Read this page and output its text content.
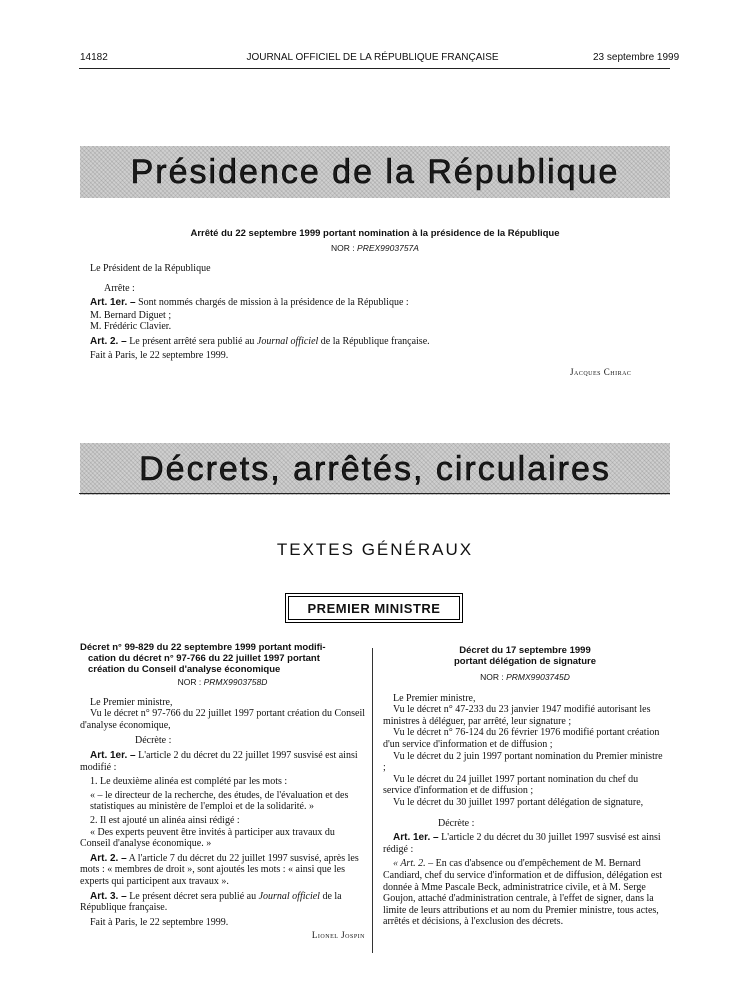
14182	JOURNAL OFFICIEL DE LA RÉPUBLIQUE FRANÇAISE	23 septembre 1999
Présidence de la République
Arrêté du 22 septembre 1999 portant nomination à la présidence de la République
NOR : PREX9903757A
Le Président de la République
Arrête :
Art. 1er. – Sont nommés chargés de mission à la présidence de la République :
M. Bernard Diguet ;
M. Frédéric Clavier.
Art. 2. – Le présent arrêté sera publié au Journal officiel de la République française.
Fait à Paris, le 22 septembre 1999.
Jacques Chirac
Décrets, arrêtés, circulaires
TEXTES GÉNÉRAUX
PREMIER MINISTRE

Décret n° 99-829 du 22 septembre 1999 portant modifi-

cation du décret n° 97-766 du 22 juillet 1997 portant

création du Conseil d'analyse économique

NOR : PRMX9903758D

Le Premier ministre,

Vu le décret n° 97-766 du 22 juillet 1997 portant création du Conseil d'analyse économique,

Décrète :

Art. 1er. – L'article 2 du décret du 22 juillet 1997 susvisé est ainsi modifié :

1. Le deuxième alinéa est complété par les mots :

« – le directeur de la recherche, des études, de l'évaluation et des statistiques au ministère de l'emploi et de la solidarité. »

2. Il est ajouté un alinéa ainsi rédigé :

« Des experts peuvent être invités à participer aux travaux du Conseil d'analyse économique. »

Art. 2. – A l'article 7 du décret du 22 juillet 1997 susvisé, après les mots : « membres de droit », sont ajoutés les mots : « ainsi que les experts qui participent aux travaux ».

Art. 3. – Le présent décret sera publié au Journal officiel de la République française.

Fait à Paris, le 22 septembre 1999.

Lionel Jospin

Décret du 17 septembre 1999

portant délégation de signature

NOR : PRMX9903745D

Le Premier ministre,

Vu le décret n° 47-233 du 23 janvier 1947 modifié autorisant les ministres à déléguer, par arrêté, leur signature ;

Vu le décret n° 76-124 du 26 février 1976 modifié portant création d'un service d'information et de diffusion ;

Vu le décret du 2 juin 1997 portant nomination du Premier ministre ;

Vu le décret du 24 juillet 1997 portant nomination du chef du service d'information et de diffusion ;

Vu le décret du 30 juillet 1997 portant délégation de signature,

Décrète :

Art. 1er. – L'article 2 du décret du 30 juillet 1997 susvisé est ainsi rédigé :

« Art. 2. – En cas d'absence ou d'empêchement de M. Bernard Candiard, chef du service d'information et de diffusion, délégation est donnée à Mme Pascale Beck, administratrice civile, et à M. Serge Goujon, attaché d'administration centrale, à l'effet de signer, dans la limite de leurs attributions et au nom du Premier ministre, tous actes, arrêtés et décisions, à l'exclusion des décrets.
